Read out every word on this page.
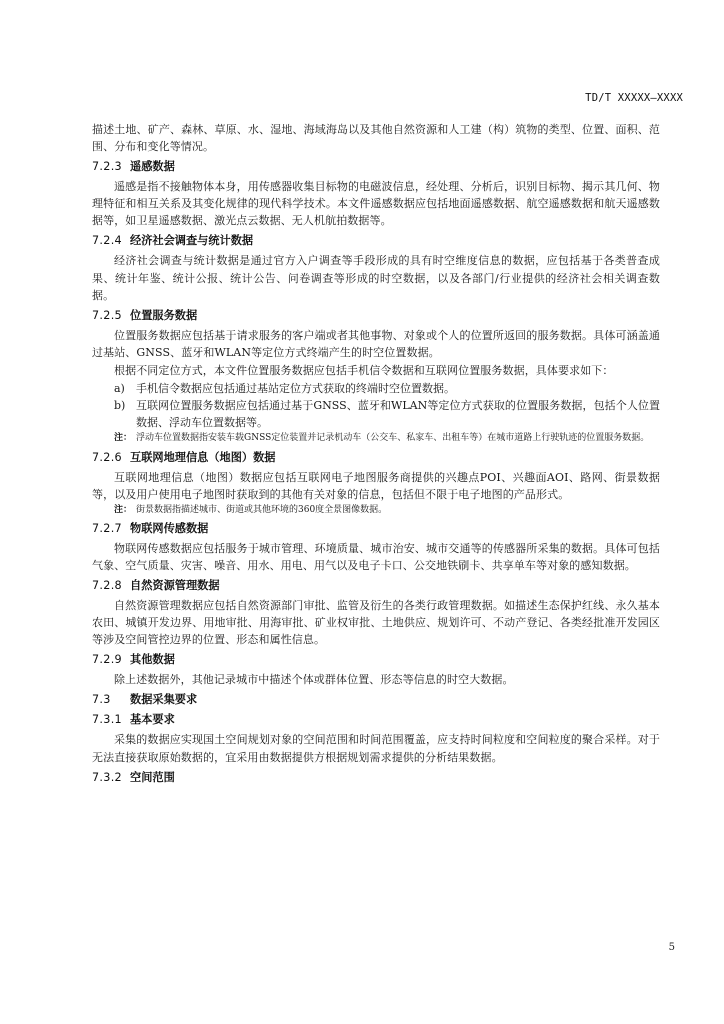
TD/T XXXXX—XXXX

描述土地、矿产、森林、草原、水、湿地、海域海岛以及其他自然资源和人工建（构）筑物的类型、位置、面积、范围、分布和变化等情况。

7.2.3 遥感数据

遥感是指不接触物体本身，用传感器收集目标物的电磁波信息，经处理、分析后，识别目标物、揭示其几何、物理特征和相互关系及其变化规律的现代科学技术。本文件遥感数据应包括地面遥感数据、航空遥感数据和航天遥感数据等，如卫星遥感数据、激光点云数据、无人机航拍数据等。

7.2.4 经济社会调查与统计数据

经济社会调查与统计数据是通过官方入户调查等手段形成的具有时空维度信息的数据，应包括基于各类普查成果、统计年鉴、统计公报、统计公告、问卷调查等形成的时空数据，以及各部门/行业提供的经济社会相关调查数据。

7.2.5 位置服务数据

位置服务数据应包括基于请求服务的客户端或者其他事物、对象或个人的位置所返回的服务数据。具体可涵盖通过基站、GNSS、蓝牙和WLAN等定位方式终端产生的时空位置数据。

根据不同定位方式，本文件位置服务数据应包括手机信令数据和互联网位置服务数据，具体要求如下：

a)	手机信令数据应包括通过基站定位方式获取的终端时空位置数据。
b) 互联网位置服务数据应包括通过基于GNSS、蓝牙和WLAN等定位方式获取的位置服务数据，包括个人位置数据、浮动车位置数据等。
注： 浮动车位置数据指安装车载GNSS定位装置并记录机动车（公交车、私家车、出租车等）在城市道路上行驶轨迹的位置服务数据。
7.2.6 互联网地理信息（地图）数据

互联网地理信息（地图）数据应包括互联网电子地图服务商提供的兴趣点POI、兴趣面AOI、路网、街景数据等，以及用户使用电子地图时获取到的其他有关对象的信息，包括但不限于电子地图的产品形式。

注： 街景数据指描述城市、街道或其他环境的360度全景图像数据。
7.2.7 物联网传感数据

物联网传感数据应包括服务于城市管理、环境质量、城市治安、城市交通等的传感器所采集的数据。具体可包括气象、空气质量、灾害、噪音、用水、用电、用气以及电子卡口、公交地铁刷卡、共享单车等对象的感知数据。

7.2.8 自然资源管理数据

自然资源管理数据应包括自然资源部门审批、监管及衍生的各类行政管理数据。如描述生态保护红线、永久基本农田、城镇开发边界、用地审批、用海审批、矿业权审批、土地供应、规划许可、不动产登记、各类经批准开发园区等涉及空间管控边界的位置、形态和属性信息。

7.2.9 其他数据

除上述数据外，其他记录城市中描述个体或群体位置、形态等信息的时空大数据。

7.3 数据采集要求
7.3.1 基本要求

采集的数据应实现国土空间规划对象的空间范围和时间范围覆盖，应支持时间粒度和空间粒度的聚合采样。对于无法直接获取原始数据的，宜采用由数据提供方根据规划需求提供的分析结果数据。

7.3.2 空间范围
5
